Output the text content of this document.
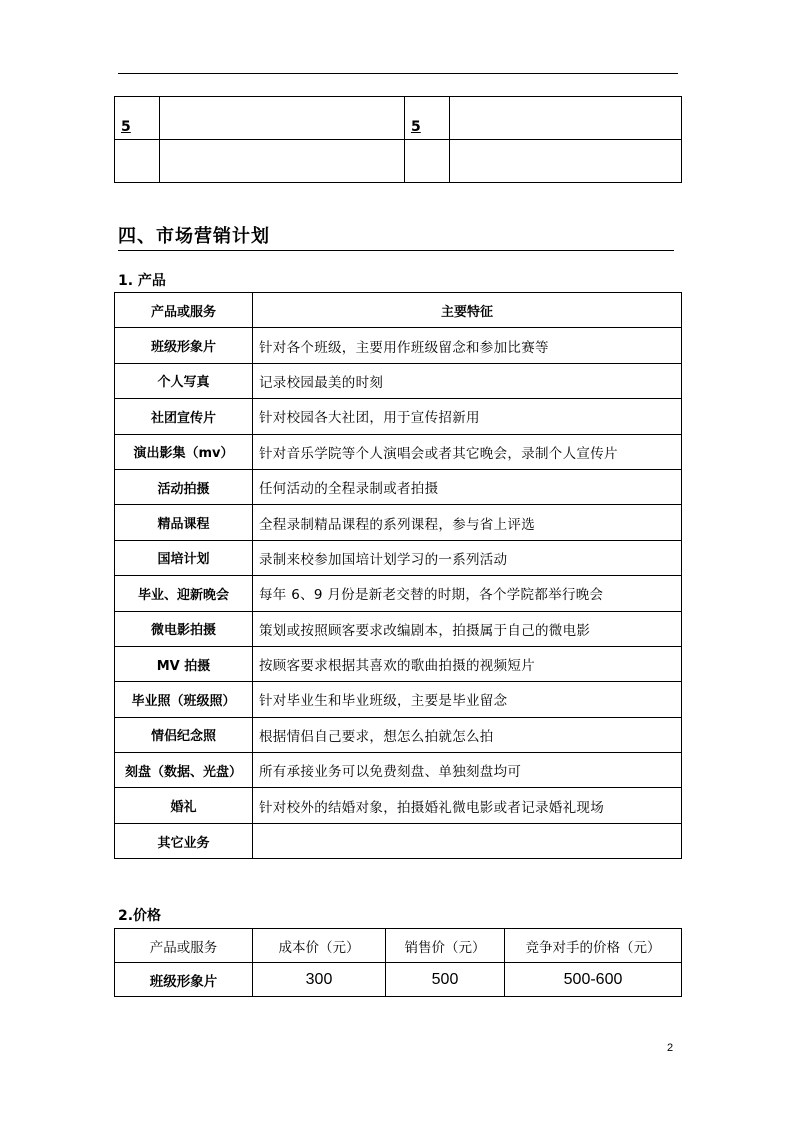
5		5	

四、市场营销计划
1. 产品
产品或服务	主要特征
班级形象片	针对各个班级，主要用作班级留念和参加比赛等
个人写真	记录校园最美的时刻
社团宣传片	针对校园各大社团，用于宣传招新用
演出影集（mv）	针对音乐学院等个人演唱会或者其它晚会，录制个人宣传片
活动拍摄	任何活动的全程录制或者拍摄
精品课程	全程录制精品课程的系列课程，参与省上评选
国培计划	录制来校参加国培计划学习的一系列活动
毕业、迎新晚会	每年 6、9 月份是新老交替的时期，各个学院都举行晚会
微电影拍摄	策划或按照顾客要求改编剧本，拍摄属于自己的微电影
MV 拍摄	按顾客要求根据其喜欢的歌曲拍摄的视频短片
毕业照（班级照）	针对毕业生和毕业班级，主要是毕业留念
情侣纪念照	根据情侣自己要求，想怎么拍就怎么拍
刻盘（数据、光盘）	所有承接业务可以免费刻盘、单独刻盘均可
婚礼	针对校外的结婚对象，拍摄婚礼微电影或者记录婚礼现场
其它业务	
2.价格
产品或服务	成本价（元）	销售价（元）	竞争对手的价格（元）
班级形象片	300	500	500-600
2
